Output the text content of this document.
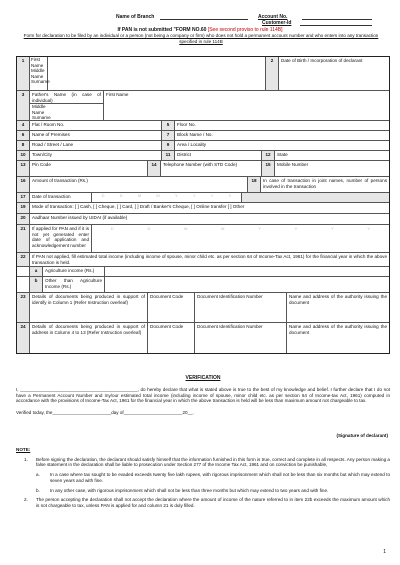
Name of Branch	Account No.
Customer-Id
If PAN is not submitted "FORM NO.60 [See second proviso to rule 114B]
Form for declaration to be filed by an individual or a person (not being a company or firm) who does not hold a permanent account number and who enters into any transaction specified in rule 114B
1	First
Name
Middle
Name
Surname
2	Date of Birth / Incorporation of declarant
3	Father's Name (in case of individual)
Middle
Name
Surname
First Name
4	Flat / Room No.	5	Floor No.
6	Name of Premises	7	Block Name / No.
8	Road / Street / Lane	9	Area / Locality
10	Town/City	11	District	12	State
13	Pin Code	14	Telephone Number (with STD Code)	15	Mobile Number
16	Amount of transaction (Rs.)	18	In case of transaction in joint names, number of persons involved in the transaction
17	Date of transaction	D	D	M	M	Y	Y	Y	Y
19	Mode of transaction: [ ] Cash, [ ] Cheque, [ ] Card, [ ] Draft / Banker's Cheque, [ ] Online transfer [ ] Other
20	Aadhaar Number issued by UIDAI (if available)
21	If applied for PAN and if it is not yet generated enter date of application and acknowledgement number
D	D	M	M	Y	Y	Y	Y
22	If PAN not applied, fill estimated total income (including income of spouse, minor child etc. as per section 64 of Income-Tax Act, 1961) for the financial year in which the above transaction is held.
a	Agriculture income (Rs.)
b	Other than Agriculture Income (Rs.)
23	Details of documents being produced in support of identify in Column 1 (Refer Instruction overleaf)
Document Code	Document Identification Number	Name and address of the authority issuing the document
24	Details of documents being produced in support of address in Column 4 to 13 (Refer Instruction overleaf)
Document Code	Document Identification Number	Name and address of the authority issuing the document
VERIFICATION
I, ______________________________________________, do hereby declare that what is stated above is true to the best of my knowledge and belief. I further declare that I do not have a Permanent Account Number and my/our estimated total income (including income of spouse, minor child etc. as per section 64 of Income-tax Act, 1961) computed in accordance with the provisions of Income-Tax Act, 1961 for the financial year in which the above transaction is held will be less than maximum amount not chargeable to tax.
Verified today, the_______________________day of_______________________20__.
(Signature of declarant)
NOTE:
1.	Before signing the declaration, the declarant should satisfy himself that the information furnished in this form is true, correct and complete in all respects. Any person making a false statement in the declaration shall be liable to prosecution under Section 277 of the Income Tax Act, 1961 and on conviction be punishable,
a.	In a case where tax sought to be evaded exceeds twenty five lakh rupees, with rigorous imprisonment which shall not be less than six months but which may extend to seven years and with fine.
b.	In any other case, with rigorous imprisonment which shall not be less than three months but which may extend to two years and with fine.
2.	The person accepting the declaration shall not accept the declaration where the amount of income of the nature referred to in item 22b exceeds the maximum amount which is not chargeable to tax, unless PAN is applied for and column 21 is duly filled.
1
